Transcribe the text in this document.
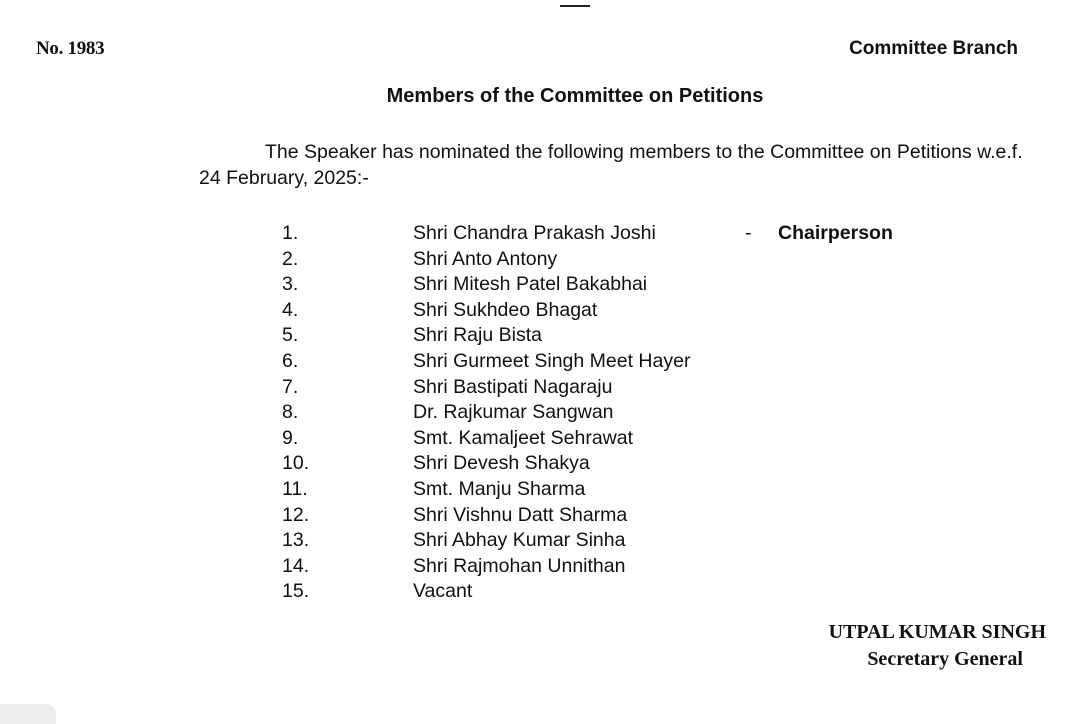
No. 1983	Committee Branch
Members of the Committee on Petitions
The Speaker has nominated the following members to the Committee on Petitions w.e.f. 24 February, 2025:-
1.	Shri Chandra Prakash Joshi	- Chairperson
2.	Shri Anto Antony
3.	Shri Mitesh Patel Bakabhai
4.	Shri Sukhdeo Bhagat
5.	Shri Raju Bista
6.	Shri Gurmeet Singh Meet Hayer
7.	Shri Bastipati Nagaraju
8.	Dr. Rajkumar Sangwan
9.	Smt. Kamaljeet Sehrawat
10.	Shri Devesh Shakya
11.	Smt. Manju Sharma
12.	Shri Vishnu Datt Sharma
13.	Shri Abhay Kumar Sinha
14.	Shri Rajmohan Unnithan
15.	Vacant
UTPAL KUMAR SINGH
Secretary General
